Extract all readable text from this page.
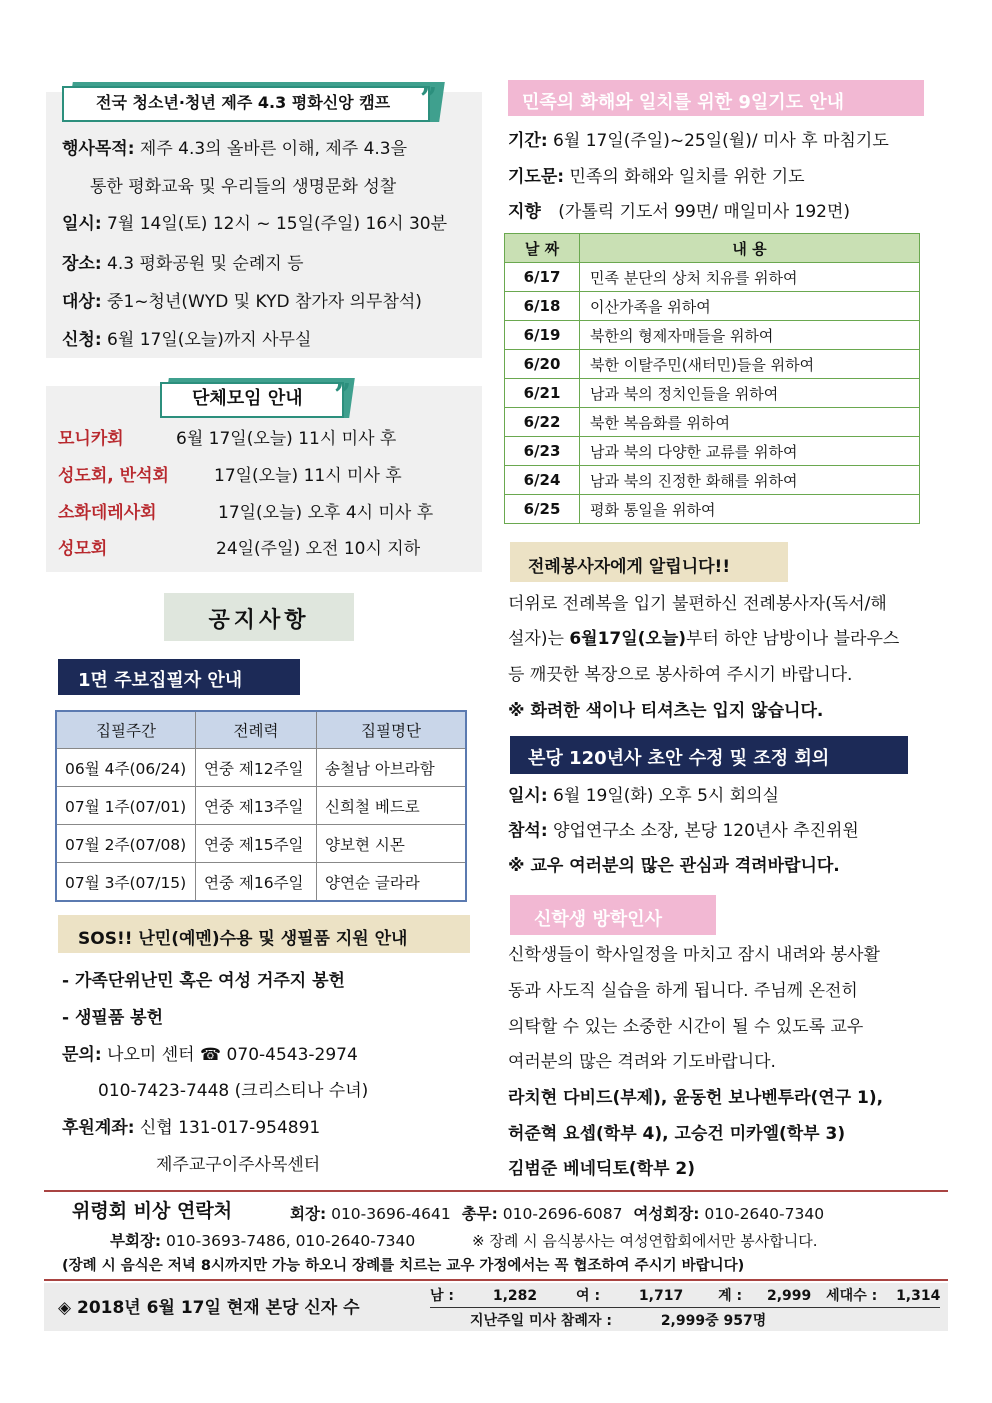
전국 청소년·청년 제주 4.3 평화신앙 캠프 ”
행사목적: 제주 4.3의 올바른 이해, 제주 4.3을
통한 평화교육 및 우리들의 생명문화 성찰
일시: 7월 14일(토) 12시 ~ 15일(주일) 16시 30분
장소: 4.3 평화공원 및 순례지 등
대상: 중1~청년(WYD 및 KYD 참가자 의무참석)
신청: 6월 17일(오늘)까지 사무실
단체모임 안내 ”
모니카회	6월 17일(오늘) 11시 미사 후
성도회, 반석회	17일(오늘) 11시 미사 후
소화데레사회	17일(오늘) 오후 4시 미사 후
성모회	24일(주일) 오전 10시 지하
공지사항
1면 주보집필자 안내
집필주간	전례력	집필명단
06월 4주(06/24)	연중 제12주일	송철남 아브라함
07월 1주(07/01)	연중 제13주일	신희철 베드로
07월 2주(07/08)	연중 제15주일	양보현 시몬
07월 3주(07/15)	연중 제16주일	양연순 글라라
SOS!! 난민(예멘)수용 및 생필품 지원 안내
- 가족단위난민 혹은 여성 거주지 봉헌
- 생필품 봉헌
문의: 나오미 센터 ☎ 070-4543-2974
010-7423-7448 (크리스티나 수녀)
후원계좌: 신협 131-017-954891
제주교구이주사목센터
민족의 화해와 일치를 위한 9일기도 안내
기간: 6월 17일(주일)~25일(월)/ 미사 후 마침기도
기도문: 민족의 화해와 일치를 위한 기도
지향 (가톨릭 기도서 99면/ 매일미사 192면)
날 짜	내 용
6/17	민족 분단의 상처 치유를 위하여
6/18	이산가족을 위하여
6/19	북한의 형제자매들을 위하여
6/20	북한 이탈주민(새터민)들을 위하여
6/21	남과 북의 정치인들을 위하여
6/22	북한 복음화를 위하여
6/23	남과 북의 다양한 교류를 위하여
6/24	남과 북의 진정한 화해를 위하여
6/25	평화 통일을 위하여
전례봉사자에게 알립니다!!
더위로 전례복을 입기 불편하신 전례봉사자(독서/해
설자)는 6월17일(오늘)부터 하얀 남방이나 블라우스
등 깨끗한 복장으로 봉사하여 주시기 바랍니다.
※ 화려한 색이나 티셔츠는 입지 않습니다.
본당 120년사 초안 수정 및 조정 회의
일시: 6월 19일(화) 오후 5시 회의실
참석: 양업연구소 소장, 본당 120년사 추진위원
※ 교우 여러분의 많은 관심과 격려바랍니다.
신학생 방학인사
신학생들이 학사일정을 마치고 잠시 내려와 봉사활
동과 사도직 실습을 하게 됩니다. 주님께 온전히
의탁할 수 있는 소중한 시간이 될 수 있도록 교우
여러분의 많은 격려와 기도바랍니다.
라치현 다비드(부제), 윤동헌 보나벤투라(연구 1),
허준혁 요셉(학부 4), 고승건 미카엘(학부 3)
김범준 베네딕토(학부 2)
위령회 비상 연락처	회장: 010-3696-4641 총무: 010-2696-6087 여성회장: 010-2640-7340
부회장: 010-3693-7486, 010-2640-7340	※ 장례 시 음식봉사는 여성연합회에서만 봉사합니다.
(장례 시 음식은 저녁 8시까지만 가능 하오니 장례를 치르는 교우 가정에서는 꼭 협조하여 주시기 바랍니다)
◈ 2018년 6월 17일 현재 본당 신자 수
남 :	1,282	여 :	1,717 계 : 2,999 세대수 : 1,314
지난주일 미사 참례자 :	2,999중 957명
